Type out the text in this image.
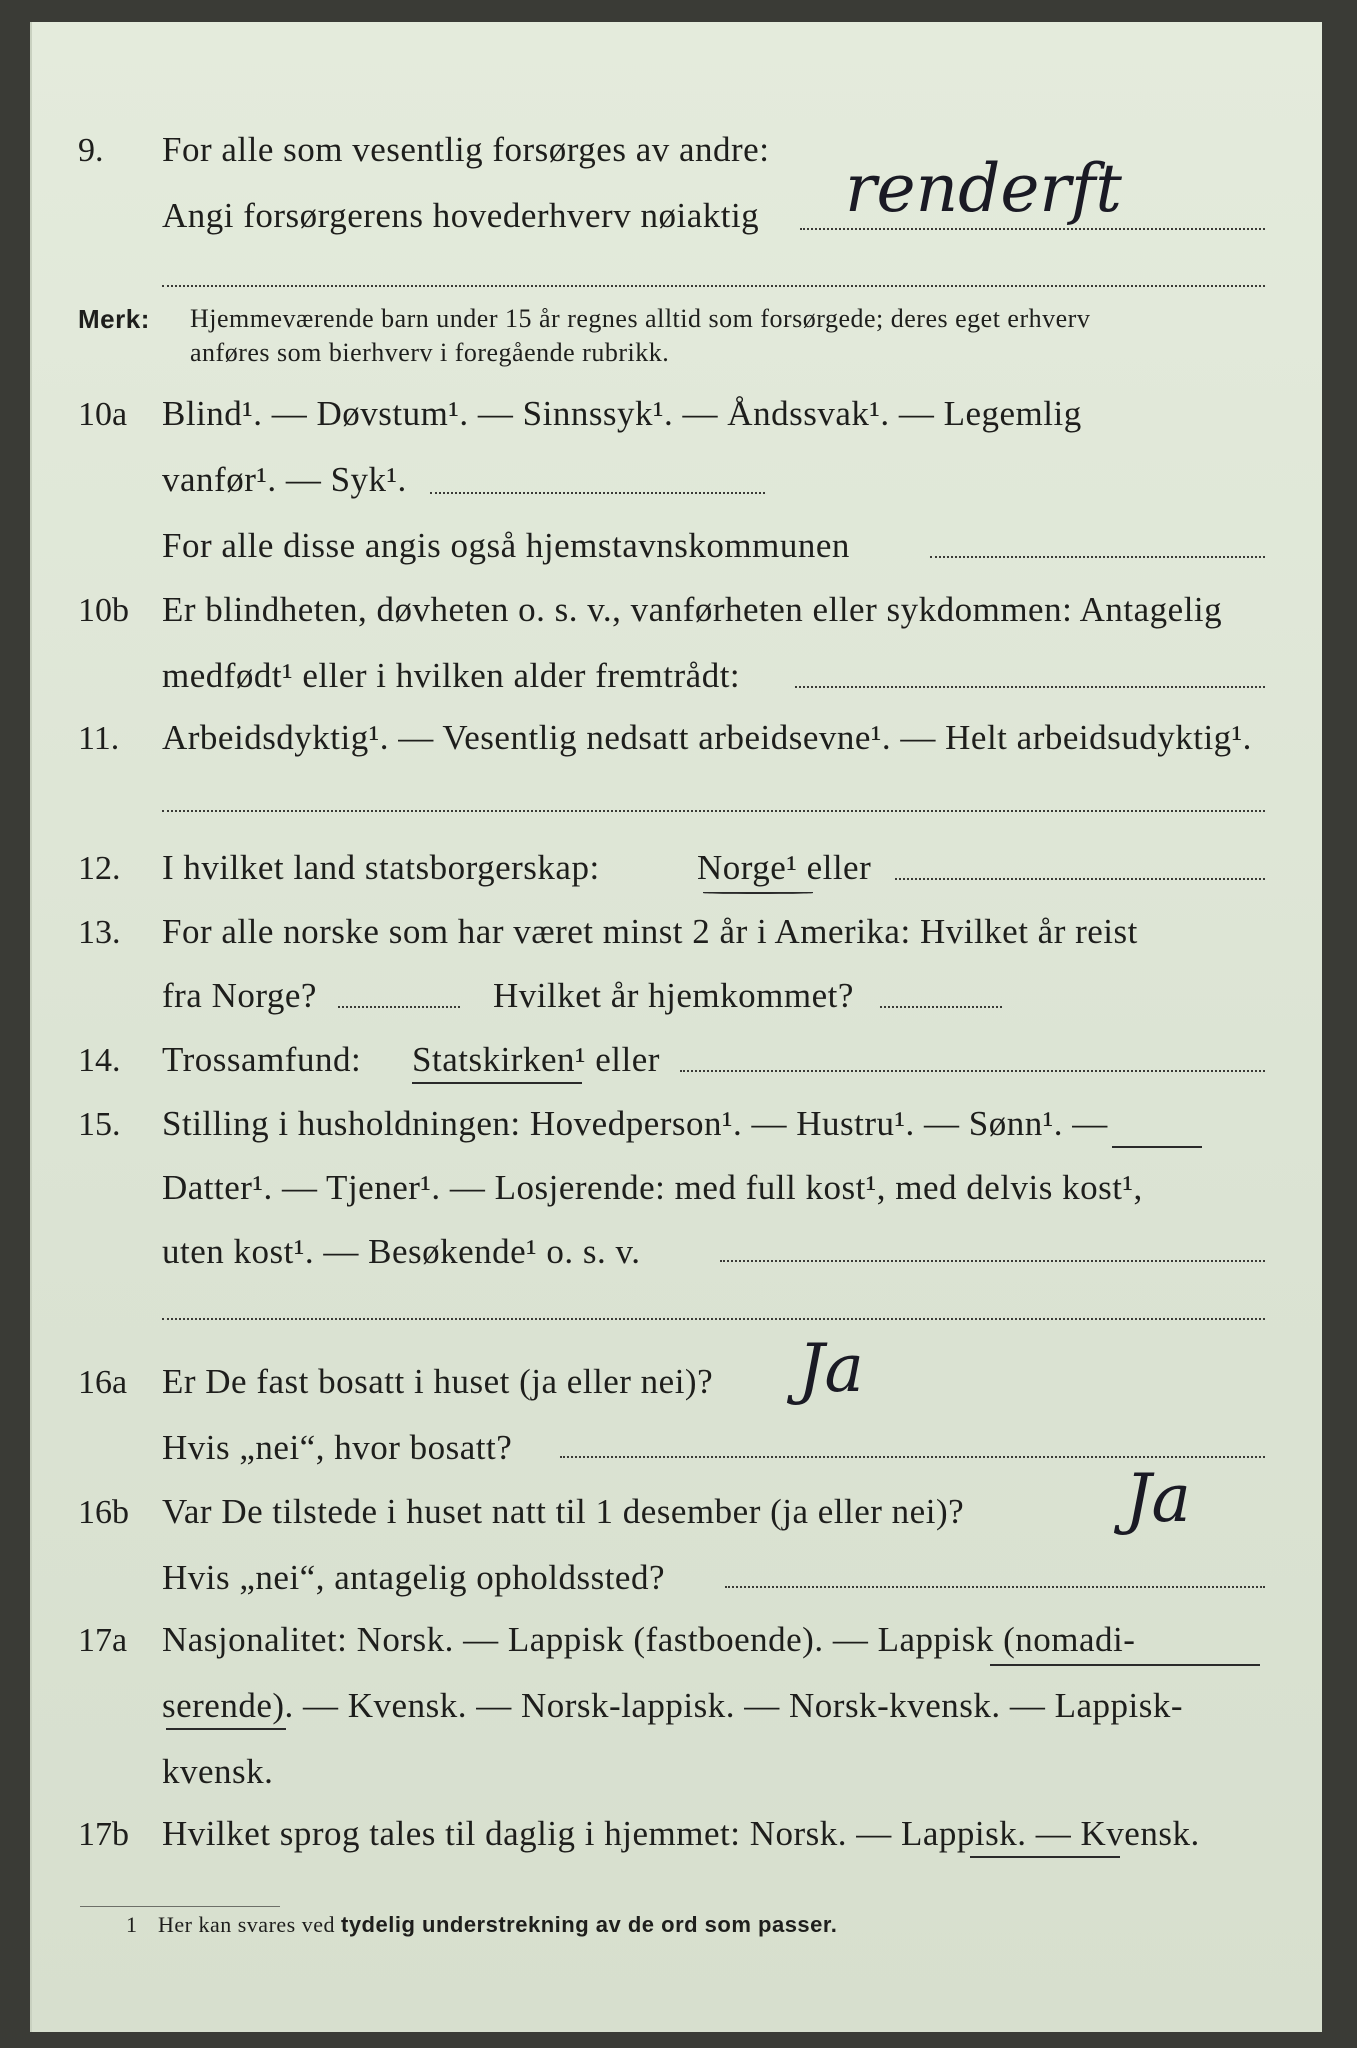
9. For alle som vesentlig forsørges av andre:
Angi forsørgerens hovederhverv nøiaktig renderft
Merk: Hjemmeværende barn under 15 år regnes alltid som forsørgede; deres eget erhverv
anføres som bierhverv i foregående rubrikk.
10a Blind¹. — Døvstum¹. — Sinnssyk¹. — Åndssvak¹. — Legemlig
vanfør¹. — Syk¹.
For alle disse angis også hjemstavnskommunen
10b Er blindheten, døvheten o. s. v., vanførheten eller sykdommen: Antagelig
medfødt¹ eller i hvilken alder fremtrådt:
11. Arbeidsdyktig¹. — Vesentlig nedsatt arbeidsevne¹. — Helt arbeidsudyktig¹.
12. I hvilket land statsborgerskap:	Norge¹ eller
13. For alle norske som har været minst 2 år i Amerika: Hvilket år reist
fra Norge?	Hvilket år hjemkommet?
14. Trossamfund: Statskirken¹ eller
15. Stilling i husholdningen: Hovedperson¹. — Hustru¹. — Sønn¹. —
Datter¹. — Tjener¹. — Losjerende: med full kost¹, med delvis kost¹,
uten kost¹. — Besøkende¹ o. s. v.
16a Er De fast bosatt i huset (ja eller nei)? Ja
Hvis „nei“, hvor bosatt?
16b Var De tilstede i huset natt til 1 desember (ja eller nei)? Ja
Hvis „nei“, antagelig opholdssted?
17a Nasjonalitet: Norsk. — Lappisk (fastboende). — Lappisk (nomadi-
serende). — Kvensk. — Norsk-lappisk. — Norsk-kvensk. — Lappisk-
kvensk.
17b Hvilket sprog tales til daglig i hjemmet: Norsk. — Lappisk. — Kvensk.
1 Her kan svares ved tydelig understrekning av de ord som passer.
